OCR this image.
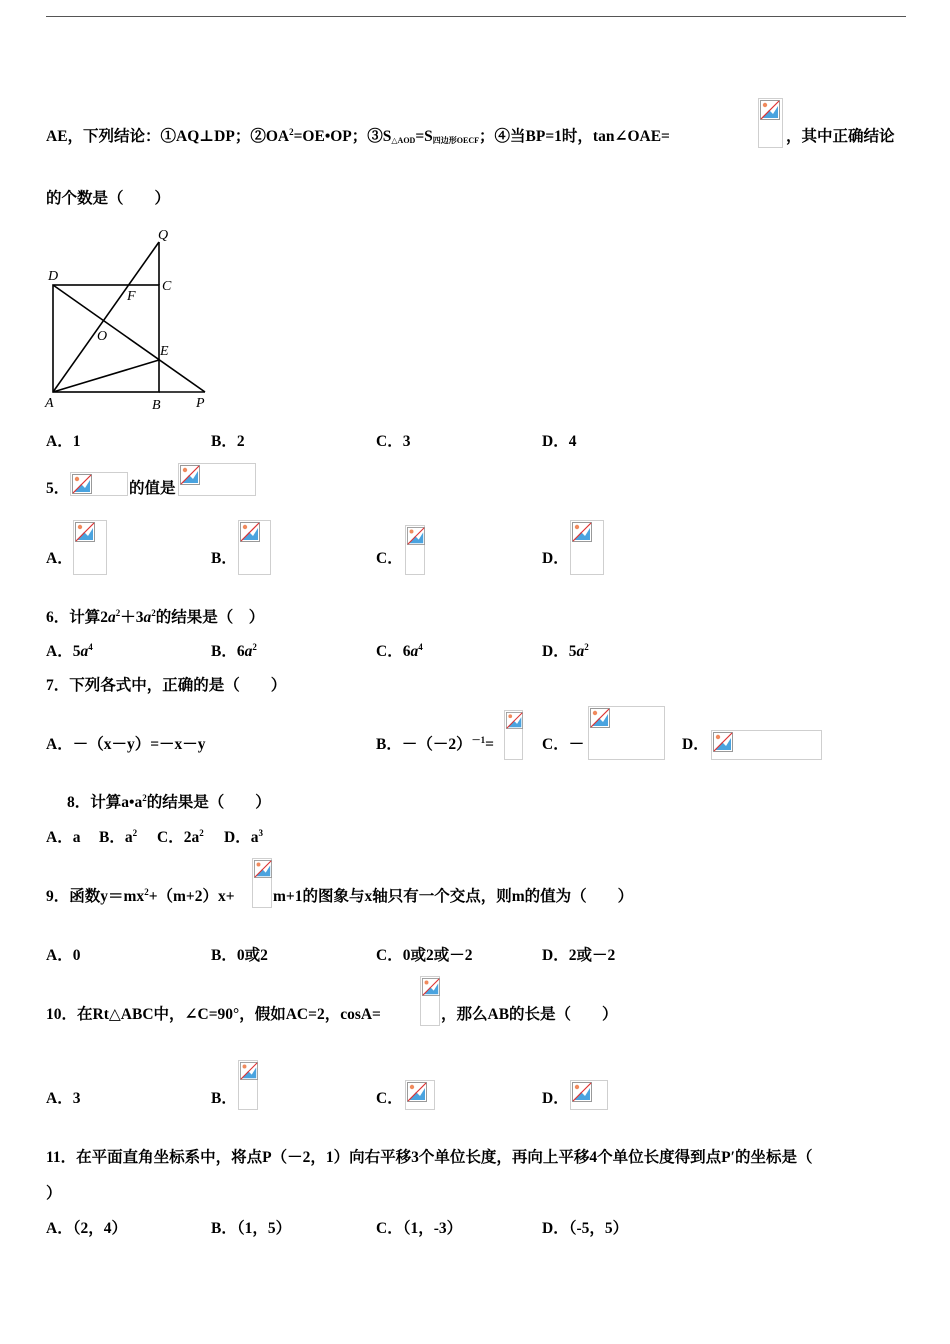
AE，下列结论：①AQ⊥DP；$②OA^2=OE•OP$；$③S_{\triangle AOD}=S_{四边形OECF}$；④当BP=1时，tan∠OAE=	，其中正确结论
的个数是（　　）
Q
D
C
F
O
E
A	B	P
A．1	B．2	C．3	D．4
5．	的值是
A．	B．	C．	D．
6．计算$2a^2+3a^2$的结果是（　）
A．$5a^4$	B．$6a^2$	C．$6a^4$	D．$5a^2$
7．下列各式中，正确的是（　　）
A．－（x－y）=－x－y	B．$-(-2)^{-1}=$	C．－	D．
8．计算$a•a^2$的结果是（　　）
A．a B．$a^2$ C．$2a^2$ D．$a^3$
9．函数$y=mx^2+(m+2)x+ m+1$的图象与x轴只有一个交点，则m的值为（　　）
A．0	B．0或2	C．0或2或－2	D．2或－2
10．在Rt△ABC中，∠C=90°，假如AC=2，cosA=	，那么AB的长是（　　）
A．3	B．	C．	D．
11．在平面直角坐标系中，将点P（－2，1）向右平移3个单位长度，再向上平移4个单位长度得到点P′的坐标是（
）
A．（2，4）	B．（1，5）	C．（1，-3）	D．（-5，5）
